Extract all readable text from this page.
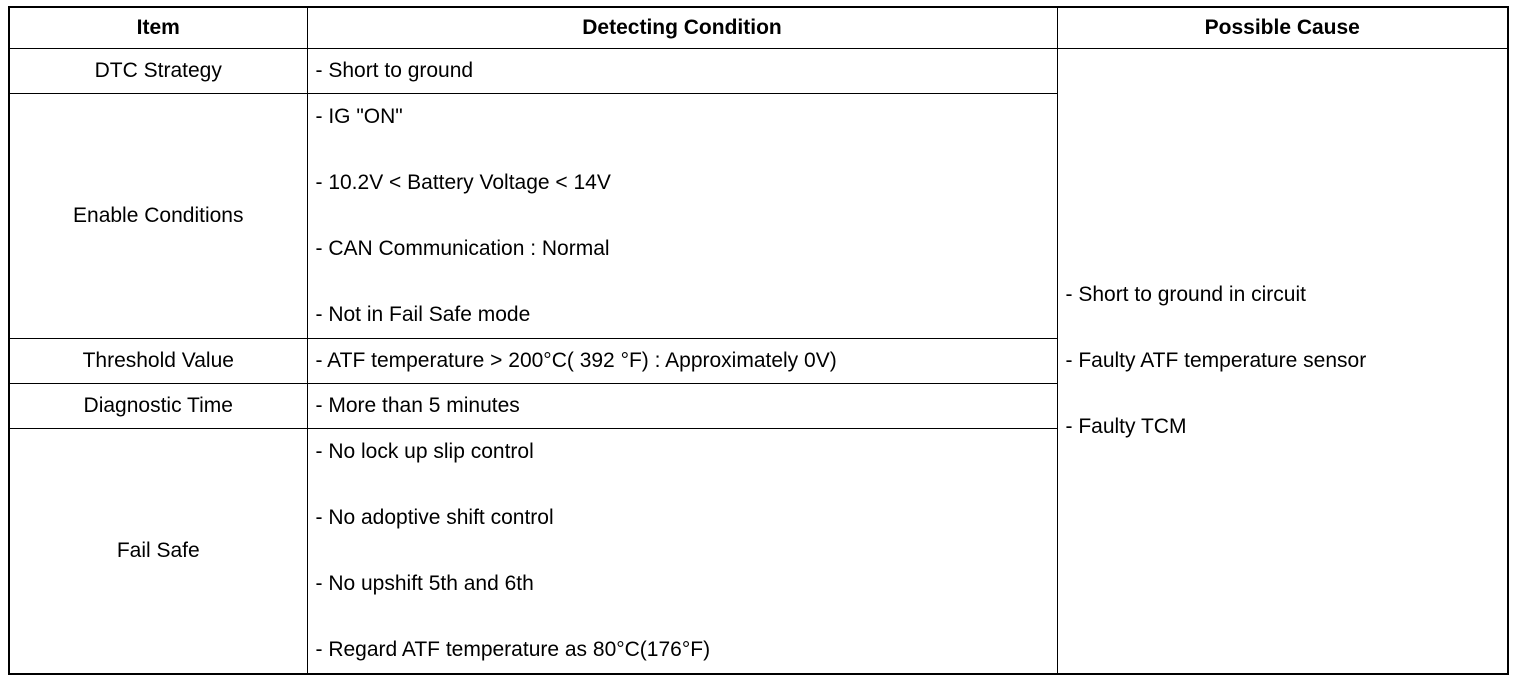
Item	Detecting Condition	Possible Cause
DTC Strategy	- Short to ground	- Short to ground in circuit
- Faulty ATF temperature sensor
- Faulty TCM

Enable Conditions	- IG "ON"
- 10.2V < Battery Voltage < 14V
- CAN Communication : Normal
- Not in Fail Safe mode	

Threshold Value	- ATF temperature > 200°C( 392 °F) : Approximately 0V)	

Diagnostic Time	- More than 5 minutes	

Fail Safe	- No lock up slip control
- No adoptive shift control
- No upshift 5th and 6th
- Regard ATF temperature as 80°C(176°F)	
